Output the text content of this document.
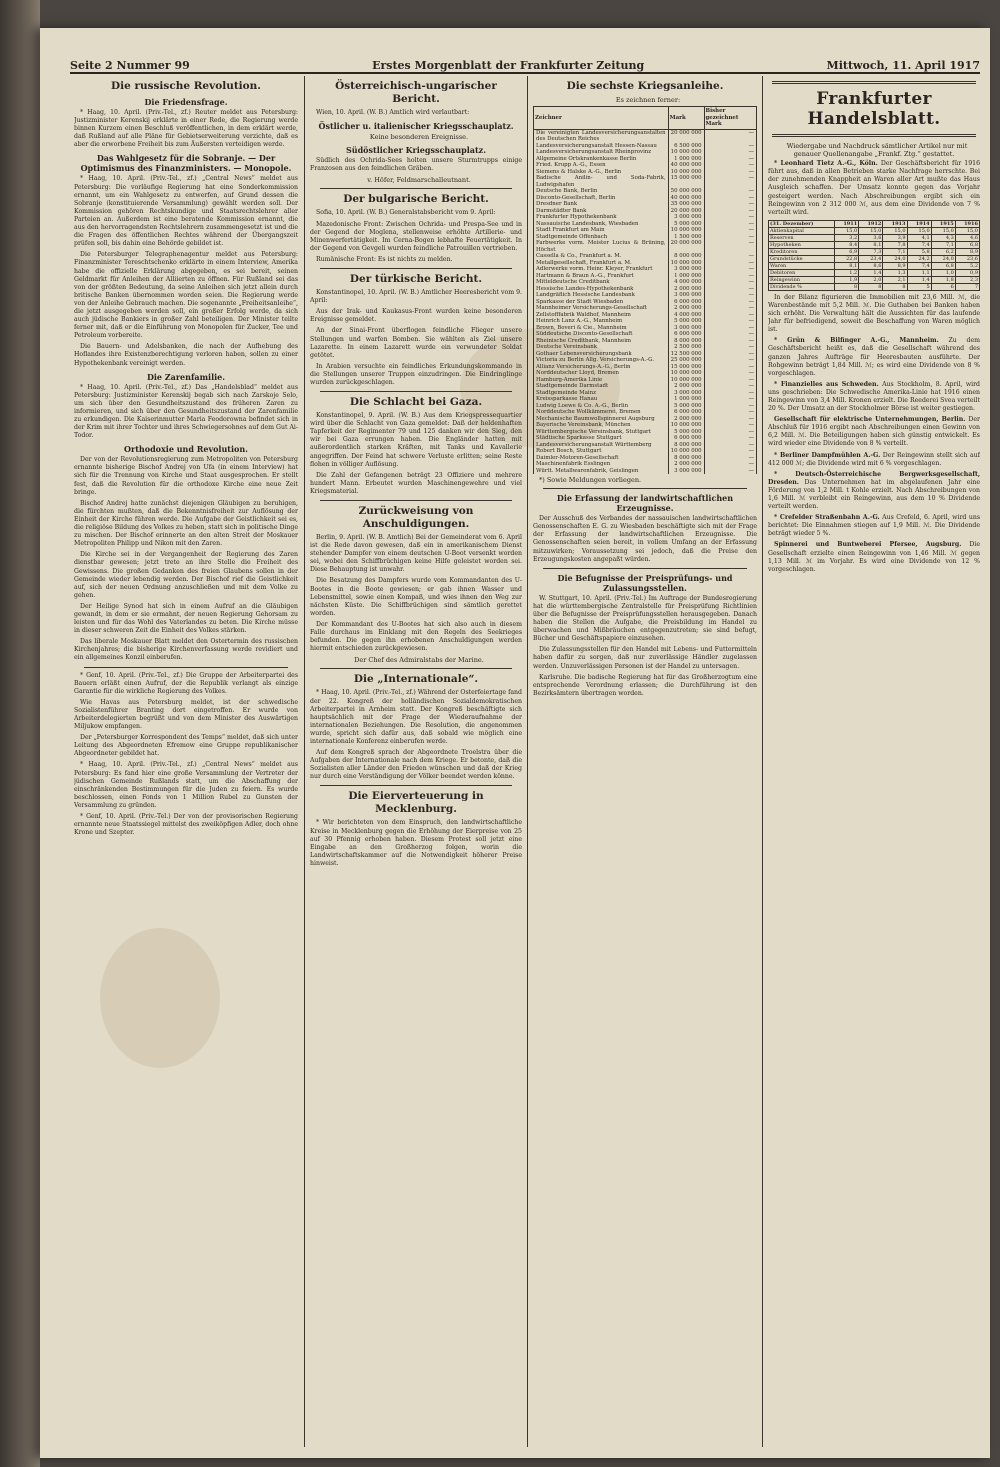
Seite 2 Nummer 99	Erstes Morgenblatt der Frankfurter Zeitung	Mittwoch, 11. April 1917
Die russische Revolution.
Die Friedensfrage.

* Haag, 10. April. (Priv.-Tel., zf.) Reuter meldet aus Petersburg: Justizminister Kerenskij erklärte in einer Rede, die Regierung werde binnen Kurzem einen Beschluß veröffentlichen, in dem erklärt werde, daß Rußland auf alle Pläne für Gebietserweiterung verzichte, daß es aber die erworbene Freiheit bis zum Äußersten verteidigen werde.

Das Wahlgesetz für die Sobranje. — Der Optimismus des Finanzministers. — Monopole.

* Haag, 10. April. (Priv.-Tel., zf.) „Central News“ meldet aus Petersburg: Die vorläufige Regierung hat eine Sonderkommission ernannt, um ein Wahlgesetz zu entwerfen, auf Grund dessen die Sobranje (konstituierende Versammlung) gewählt werden soll. Der Kommission gehören Rechtskundige und Staatsrechtslehrer aller Parteien an. Außerdem ist eine beratende Kommission ernannt, die aus den hervorragendsten Rechtslehrern zusammengesetzt ist und die die Fragen des öffentlichen Rechtes während der Übergangszeit prüfen soll, bis dahin eine Behörde gebildet ist.

Die Petersburger Telegraphenagentur meldet aus Petersburg: Finanzminister Tereschtschenko erklärte in einem Interview, Amerika habe die offizielle Erklärung abgegeben, es sei bereit, seinen Geldmarkt für Anleihen der Alliierten zu öffnen. Für Rußland sei das von der größten Bedeutung, da seine Anleihen sich jetzt allein durch britische Banken übernommen worden seien. Die Regierung werde von der Anleihe Gebrauch machen. Die sogenannte „Freiheitsanleihe“, die jetzt ausgegeben werden soll, ein großer Erfolg werde, da sich auch jüdische Bankiers in großer Zahl beteiligen. Der Minister teilte ferner mit, daß er die Einführung von Monopolen für Zucker, Tee und Petroleum vorbereite.

Die Bauern- und Adelsbanken, die nach der Aufhebung des Hoflandes ihre Existenzberechtigung verloren haben, sollen zu einer Hypothekenbank vereinigt werden.

Die Zarenfamilie.

* Haag, 10. April. (Priv.-Tel., zf.) Das „Handelsblad“ meldet aus Petersburg: Justizminister Kerenskij begab sich nach Zarskoje Selo, um sich über den Gesundheitszustand des früheren Zaren zu informieren, und sich über den Gesundheitszustand der Zarenfamilie zu erkundigen. Die Kaiserinmutter Maria Feodorowna befindet sich in der Krim mit ihrer Tochter und ihres Schwiegersohnes auf dem Gut Ai-Todor.

Orthodoxie und Revolution.

Der von der Revolutionsregierung zum Metropoliten von Petersburg ernannte bisherige Bischof Andrej von Ufa (in einem Interview) hat sich für die Trennung von Kirche und Staat ausgesprochen. Er stellt fest, daß die Revolution für die orthodoxe Kirche eine neue Zeit bringe.

Bischof Andrej hatte zunächst diejenigen Gläubigen zu beruhigen, die fürchten mußten, daß die Bekenntnisfreiheit zur Auflösung der Einheit der Kirche führen werde. Die Aufgabe der Geistlichkeit sei es, die religiöse Bildung des Volkes zu heben, statt sich in politische Dinge zu mischen. Der Bischof erinnerte an den alten Streit der Moskauer Metropoliten Philipp und Nikon mit den Zaren.

Die Kirche sei in der Vergangenheit der Regierung des Zaren dienstbar gewesen; jetzt trete an ihre Stelle die Freiheit des Gewissens. Die großen Gedanken des freien Glaubens sollen in der Gemeinde wieder lebendig werden. Der Bischof rief die Geistlichkeit auf, sich der neuen Ordnung anzuschließen und mit dem Volke zu gehen.

Der Heilige Synod hat sich in einem Aufruf an die Gläubigen gewandt, in dem er sie ermahnt, der neuen Regierung Gehorsam zu leisten und für das Wohl des Vaterlandes zu beten. Die Kirche müsse in dieser schweren Zeit die Einheit des Volkes stärken.

Das liberale Moskauer Blatt meldet den Ostertermin des russischen Kirchenjahres; die bisherige Kirchenverfassung werde revidiert und ein allgemeines Konzil einberufen.

* Genf, 10. April. (Priv.-Tel., zf.) Die Gruppe der Arbeiterpartei des Bauern erläßt einen Aufruf, der die Republik verlangt als einzige Garantie für die wirkliche Regierung des Volkes.

Wie Havas aus Petersburg meldet, ist der schwedische Sozialistenführer Branting dort eingetroffen. Er wurde von Arbeiterdelegierten begrüßt und von dem Minister des Auswärtigen Miljukow empfangen.

Der „Petersburger Korrespondent des Temps“ meldet, daß sich unter Leitung des Abgeordneten Efremow eine Gruppe republikanischer Abgeordneter gebildet hat.

* Haag, 10. April. (Priv.-Tel., zf.) „Central News“ meldet aus Petersburg: Es fand hier eine große Versammlung der Vertreter der jüdischen Gemeinde Rußlands statt, um die Abschaffung der einschränkenden Bestimmungen für die Juden zu feiern. Es wurde beschlossen, einen Fonds von 1 Million Rubel zu Gunsten der Versammlung zu gründen.

* Genf, 10. April. (Priv.-Tel.) Der von der provisorischen Regierung ernannte neue Staatssiegel mittelst des zweiköpfigen Adler, doch ohne Krone und Szepter.

Österreichisch-ungarischer Bericht.

Wien, 10. April. (W. B.) Amtlich wird verlautbart:

Östlicher u. italienischer Kriegsschauplatz.

Keine besonderen Ereignisse.

Südöstlicher Kriegsschauplatz.

Südlich des Ochrida-Sees holten unsere Sturmtrupps einige Franzosen aus den feindlichen Gräben.

v. Höfer, Feldmarschalleutnant.

Der bulgarische Bericht.

Sofia, 10. April. (W. B.) Generalstabsbericht vom 9. April:

Mazedonische Front: Zwischen Ochrida- und Prespa-See und in der Gegend der Moglena, stellenweise erhöhte Artillerie- und Minenwerfertätigkeit. Im Cerna-Bogen lebhafte Feuertätigkeit. In der Gegend von Gevgeli wurden feindliche Patrouillen vertrieben.

Rumänische Front: Es ist nichts zu melden.

Der türkische Bericht.

Konstantinopel, 10. April. (W. B.) Amtlicher Heeresbericht vom 9. April:

Aus der Irak- und Kaukasus-Front wurden keine besonderen Ereignisse gemeldet.

An der Sinai-Front überflogen feindliche Flieger unsere Stellungen und warfen Bomben. Sie wählten als Ziel unsere Lazarette. In einem Lazarett wurde ein verwundeter Soldat getötet.

In Arabien versuchte ein feindliches Erkundungskommando in die Stellungen unserer Truppen einzudringen. Die Eindringlinge wurden zurückgeschlagen.

Die Schlacht bei Gaza.

Konstantinopel, 9. April. (W. B.) Aus dem Kriegspressequartier wird über die Schlacht von Gaza gemeldet: Daß der heldenhaften Tapferkeit der Regimenter 79 und 125 danken wir den Sieg, den wir bei Gaza errungen haben. Die Engländer hatten mit außerordentlich starken Kräften, mit Tanks und Kavallerie angegriffen. Der Feind hat schwere Verluste erlitten; seine Reste flohen in völliger Auflösung.

Die Zahl der Gefangenen beträgt 23 Offiziere und mehrere hundert Mann. Erbeutet wurden Maschinengewehre und viel Kriegsmaterial.

Zurückweisung von Anschuldigungen.

Berlin, 9. April. (W. B. Amtlich) Bei der Gemeinderat vom 6. April ist die Rede davon gewesen, daß ein in amerikanischem Dienst stehender Dampfer von einem deutschen U-Boot versenkt worden sei, wobei den Schiffbrüchigen keine Hilfe geleistet worden sei. Diese Behauptung ist unwahr.

Die Besatzung des Dampfers wurde vom Kommandanten des U-Bootes in die Boote gewiesen; er gab ihnen Wasser und Lebensmittel, sowie einen Kompaß, und wies ihnen den Weg zur nächsten Küste. Die Schiffbrüchigen sind sämtlich gerettet worden.

Der Kommandant des U-Bootes hat sich also auch in diesem Falle durchaus im Einklang mit den Regeln des Seekrieges befunden. Die gegen ihn erhobenen Anschuldigungen werden hiermit entschieden zurückgewiesen.

Der Chef des Admiralstabs der Marine.

Die „Internationale“.

* Haag, 10. April. (Priv.-Tel., zf.) Während der Osterfeiertage fand der 22. Kongreß der holländischen Sozialdemokratischen Arbeiterpartei in Arnheim statt. Der Kongreß beschäftigte sich hauptsächlich mit der Frage der Wiederaufnahme der internationalen Beziehungen. Die Resolution, die angenommen wurde, spricht sich dafür aus, daß sobald wie möglich eine internationale Konferenz einberufen werde.

Auf dem Kongreß sprach der Abgeordnete Troelstra über die Aufgaben der Internationale nach dem Kriege. Er betonte, daß die Sozialisten aller Länder den Frieden wünschen und daß der Krieg nur durch eine Verständigung der Völker beendet werden könne.

Die Eierverteuerung in Mecklenburg.

* Wir berichteten von dem Einspruch, den landwirtschaftliche Kreise in Mecklenburg gegen die Erhöhung der Eierpreise von 25 auf 30 Pfennig erhoben haben. Diesem Protest soll jetzt eine Eingabe an den Großherzog folgen, worin die Landwirtschaftskammer auf die Notwendigkeit höherer Preise hinweist.

Die sechste Kriegsanleihe.

Es zeichnen ferner:

Zeichner	Mark	Bisher gezeichnet Mark
Die vereinigten Landesversicherungsanstalten des Deutschen Reiches	20 000 000	—
Landesversicherungsanstalt Hessen-Nassau	6 500 000	—
Landesversicherungsanstalt Rheinprovinz	10 000 000	—
Allgemeine Ortskrankenkasse Berlin	1 000 000	—
Fried. Krupp A.-G., Essen	40 000 000	—
Siemens & Halske A.-G., Berlin	10 000 000	—
Badische Anilin- und Soda-Fabrik, Ludwigshafen	15 000 000	—
Deutsche Bank, Berlin	50 000 000	—
Disconto-Gesellschaft, Berlin	40 000 000	—
Dresdner Bank	35 000 000	—
Darmstädter Bank	20 000 000	—
Frankfurter Hypothekenbank	3 000 000	—
Nassauische Landesbank, Wiesbaden	5 000 000	—
Stadt Frankfurt am Main	10 000 000	—
Stadtgemeinde Offenbach	1 500 000	—
Farbwerke vorm. Meister Lucius & Brüning, Höchst	20 000 000	—
Cassella & Co., Frankfurt a. M.	8 000 000	—
Metallgesellschaft, Frankfurt a. M.	10 000 000	—
Adlerwerke vorm. Heinr. Kleyer, Frankfurt	3 000 000	—
Hartmann & Braun A.-G., Frankfurt	1 000 000	—
Mitteldeutsche Creditbank	4 000 000	—
Hessische Landes-Hypothekenbank	2 000 000	—
Landgräflich Hessische Landesbank	3 000 000	—
Sparkasse der Stadt Wiesbaden	6 000 000	—
Mannheimer Versicherungs-Gesellschaft	2 000 000	—
Zellstofffabrik Waldhof, Mannheim	4 000 000	—
Heinrich Lanz A.-G., Mannheim	5 000 000	—
Brown, Boveri & Cie., Mannheim	3 000 000	—
Süddeutsche Disconto-Gesellschaft	6 000 000	—
Rheinische Creditbank, Mannheim	8 000 000	—
Deutsche Vereinsbank	2 500 000	—
Gothaer Lebensversicherungsbank	12 500 000	—
Victoria zu Berlin Allg. Versicherungs-A.-G.	25 000 000	—
Allianz Versicherungs-A.-G., Berlin	15 000 000	—
Norddeutscher Lloyd, Bremen	10 000 000	—
Hamburg-Amerika Linie	10 000 000	—
Stadtgemeinde Darmstadt	2 000 000	—
Stadtgemeinde Mainz	3 000 000	—
Kreissparkasse Hanau	1 000 000	—
Ludwig Loewe & Co. A.-G., Berlin	5 000 000	—
Norddeutsche Wollkämmerei, Bremen	6 000 000	—
Mechanische Baumwollspinnerei Augsburg	2 000 000	—
Bayerische Vereinsbank, München	10 000 000	—
Württembergische Vereinsbank, Stuttgart	5 000 000	—
Städtische Sparkasse Stuttgart	6 000 000	—
Landesversicherungsanstalt Württemberg	8 000 000	—
Robert Bosch, Stuttgart	10 000 000	—
Daimler-Motoren-Gesellschaft	8 000 000	—
Maschinenfabrik Esslingen	2 000 000	—
Württ. Metallwarenfabrik, Geislingen	3 000 000	—

*) Sowie Meldungen vorliegen.

Die Erfassung der landwirtschaftlichen Erzeugnisse.

Der Ausschuß des Verbandes der nassauischen landwirtschaftlichen Genossenschaften E. G. zu Wiesbaden beschäftigte sich mit der Frage der Erfassung der landwirtschaftlichen Erzeugnisse. Die Genossenschaften seien bereit, in vollem Umfang an der Erfassung mitzuwirken; Voraussetzung sei jedoch, daß die Preise den Erzeugungskosten angepaßt würden.

Die Befugnisse der Preisprüfungs- und Zulassungsstellen.

W. Stuttgart, 10. April. (Priv.-Tel.) Im Auftrage der Bundesregierung hat die württembergische Zentralstelle für Preisprüfung Richtlinien über die Befugnisse der Preisprüfungsstellen herausgegeben. Danach haben die Stellen die Aufgabe, die Preisbildung im Handel zu überwachen und Mißbräuchen entgegenzutreten; sie sind befugt, Bücher und Geschäftspapiere einzusehen.

Die Zulassungsstellen für den Handel mit Lebens- und Futtermitteln haben dafür zu sorgen, daß nur zuverlässige Händler zugelassen werden. Unzuverlässigen Personen ist der Handel zu untersagen.

Karlsruhe. Die badische Regierung hat für das Großherzogtum eine entsprechende Verordnung erlassen; die Durchführung ist den Bezirksämtern übertragen worden.

Frankfurter Handelsblatt.

Wiedergabe und Nachdruck sämtlicher Artikel nur mit genauer Quellenangabe „Frankf. Ztg.“ gestattet.

* Leonhard Tietz A.-G., Köln. Der Geschäftsbericht für 1916 führt aus, daß in allen Betrieben starke Nachfrage herrschte. Bei der zunehmenden Knappheit an Waren aller Art mußte das Haus Ausgleich schaffen. Der Umsatz konnte gegen das Vorjahr gesteigert werden. Nach Abschreibungen ergibt sich ein Reingewinn von 2 312 000 ℳ, aus dem eine Dividende von 7 % verteilt wird.

(31. Dezember)	1911	1912	1913	1914	1915	1916
Aktienkapital	15,0	15,0	15,0	15,0	15,0	15,0
Reserven	3,2	3,6	3,9	4,1	4,3	4,6
Hypotheken	8,4	8,1	7,8	7,4	7,1	6,8
Kreditoren	6,9	7,3	7,1	5,8	6,2	8,9
Grundstücke	22,8	23,4	24,0	24,2	24,0	23,6
Waren	8,1	8,6	8,9	7,4	6,8	5,2
Debitoren	1,2	1,4	1,3	1,1	1,0	0,9
Reingewinn	1,9	2,0	2,1	1,4	1,8	2,3
Dividende %	8	8	8	5	6	7

In der Bilanz figurieren die Immobilien mit 23,6 Mill. ℳ, die Warenbestände mit 5,2 Mill. ℳ. Die Guthaben bei Banken haben sich erhöht. Die Verwaltung hält die Aussichten für das laufende Jahr für befriedigend, soweit die Beschaffung von Waren möglich ist.

* Grün & Bilfinger A.-G., Mannheim. Zu dem Geschäftsbericht heißt es, daß die Gesellschaft während des ganzen Jahres Aufträge für Heeresbauten ausführte. Der Rohgewinn beträgt 1,84 Mill. ℳ; es wird eine Dividende von 8 % vorgeschlagen.

* Finanzielles aus Schweden. Aus Stockholm, 8. April, wird uns geschrieben: Die Schwedische Amerika-Linie hat 1916 einen Reingewinn von 3,4 Mill. Kronen erzielt. Die Reederei Svea verteilt 20 %. Der Umsatz an der Stockholmer Börse ist weiter gestiegen.

Gesellschaft für elektrische Unternehmungen, Berlin. Der Abschluß für 1916 ergibt nach Abschreibungen einen Gewinn von 6,2 Mill. ℳ. Die Beteiligungen haben sich günstig entwickelt. Es wird wieder eine Dividende von 8 % verteilt.

* Berliner Dampfmühlen A.-G. Der Reingewinn stellt sich auf 412 000 ℳ; die Dividende wird mit 6 % vorgeschlagen.

* Deutsch-Österreichische Bergwerksgesellschaft, Dresden. Das Unternehmen hat im abgelaufenen Jahr eine Förderung von 1,2 Mill. t Kohle erzielt. Nach Abschreibungen von 1,6 Mill. ℳ verbleibt ein Reingewinn, aus dem 10 % Dividende verteilt werden.

* Crefelder Straßenbahn A.-G. Aus Crefeld, 6. April, wird uns berichtet: Die Einnahmen stiegen auf 1,9 Mill. ℳ. Die Dividende beträgt wieder 5 %.

Spinnerei und Buntweberei Pfersee, Augsburg. Die Gesellschaft erzielte einen Reingewinn von 1,46 Mill. ℳ gegen 1,13 Mill. ℳ im Vorjahr. Es wird eine Dividende von 12 % vorgeschlagen.
